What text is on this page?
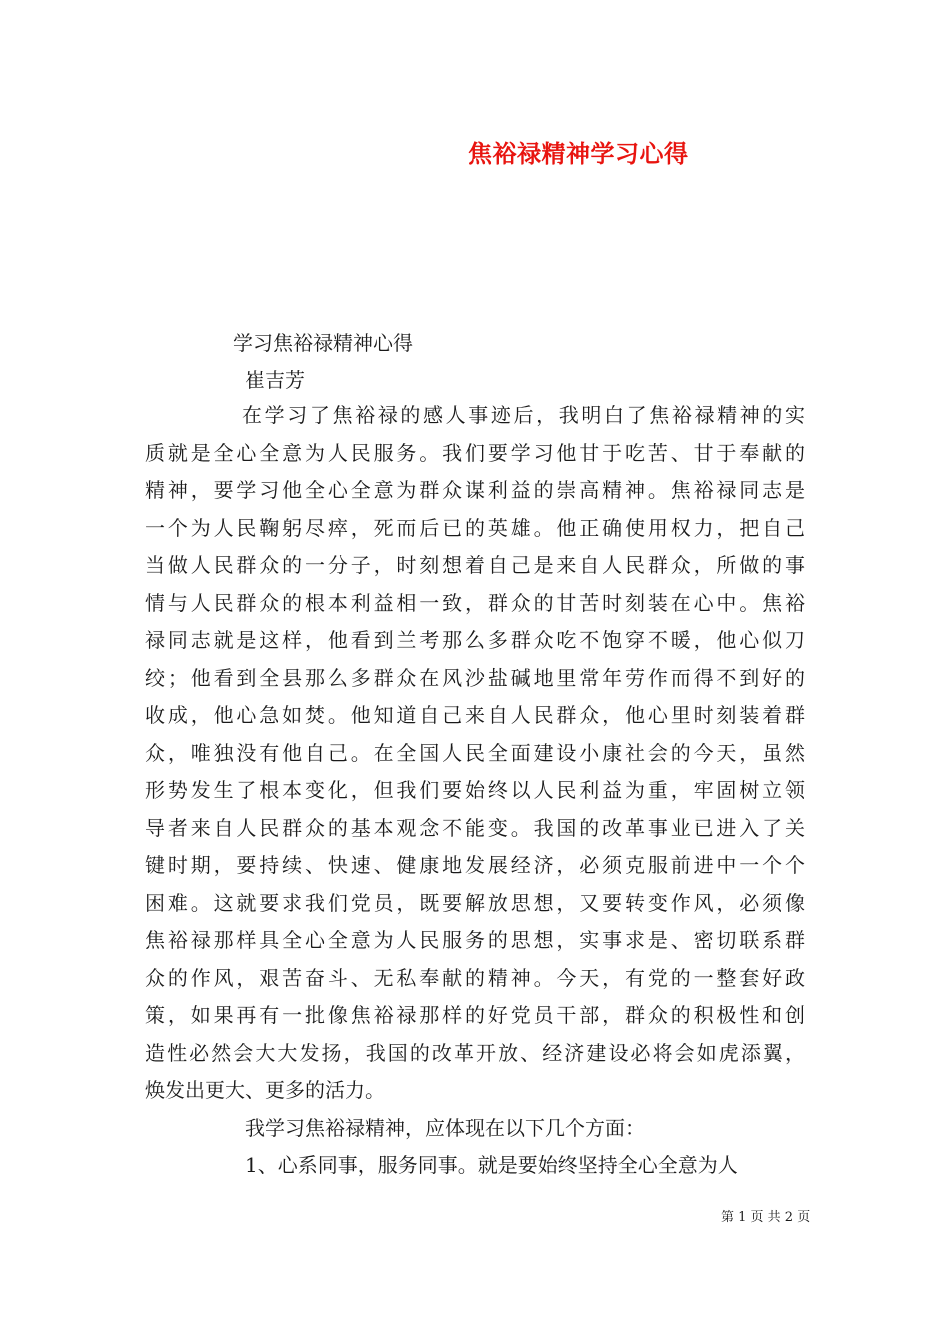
焦裕禄精神学习心得
学习焦裕禄精神心得
崔吉芳
在学习了焦裕禄的感人事迹后，我明白了焦裕禄精神的实
质就是全心全意为人民服务。我们要学习他甘于吃苦、甘于奉献的
精神，要学习他全心全意为群众谋利益的崇高精神。焦裕禄同志是
一个为人民鞠躬尽瘁，死而后已的英雄。他正确使用权力，把自己
当做人民群众的一分子，时刻想着自己是来自人民群众，所做的事
情与人民群众的根本利益相一致，群众的甘苦时刻装在心中。焦裕
禄同志就是这样，他看到兰考那么多群众吃不饱穿不暖，他心似刀
绞；他看到全县那么多群众在风沙盐碱地里常年劳作而得不到好的
收成，他心急如焚。他知道自己来自人民群众，他心里时刻装着群
众，唯独没有他自己。在全国人民全面建设小康社会的今天，虽然
形势发生了根本变化，但我们要始终以人民利益为重，牢固树立领
导者来自人民群众的基本观念不能变。我国的改革事业已进入了关
键时期，要持续、快速、健康地发展经济，必须克服前进中一个个
困难。这就要求我们党员，既要解放思想，又要转变作风，必须像
焦裕禄那样具全心全意为人民服务的思想，实事求是、密切联系群
众的作风，艰苦奋斗、无私奉献的精神。今天，有党的一整套好政
策，如果再有一批像焦裕禄那样的好党员干部，群众的积极性和创
造性必然会大大发扬，我国的改革开放、经济建设必将会如虎添翼，
焕发出更大、更多的活力。
我学习焦裕禄精神，应体现在以下几个方面：
1、心系同事，服务同事。就是要始终坚持全心全意为人
第 1 页 共 2 页
